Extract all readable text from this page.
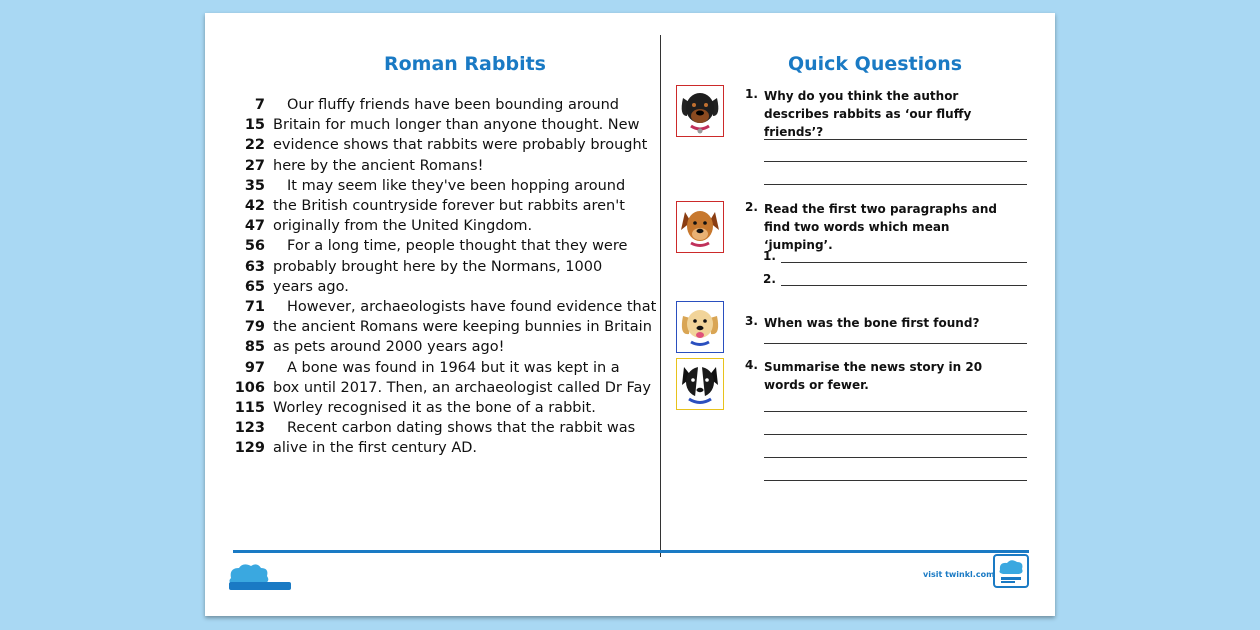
Roman Rabbits	Quick Questions
7	Our fluffy friends have been bounding around
15 Britain for much longer than anyone thought. New
22 evidence shows that rabbits were probably brought
27 here by the ancient Romans!
35	It may seem like they've been hopping around
42 the British countryside forever but rabbits aren't
47 originally from the United Kingdom.
56	For a long time, people thought that they were
63 probably brought here by the Normans, 1000
65 years ago.
71	However, archaeologists have found evidence that
79 the ancient Romans were keeping bunnies in Britain
85 as pets around 2000 years ago!
97	A bone was found in 1964 but it was kept in a
106 box until 2017. Then, an archaeologist called Dr Fay
115 Worley recognised it as the bone of a rabbit.
123	Recent carbon dating shows that the rabbit was
129 alive in the first century AD.
1. Why do you think the author describes rabbits as ‘our fluffy friends’?
2. Read the first two paragraphs and find two words which mean ‘jumping’.
1.
2.
3. When was the bone first found?
4. Summarise the news story in 20 words or fewer.
visit twinkl.com
